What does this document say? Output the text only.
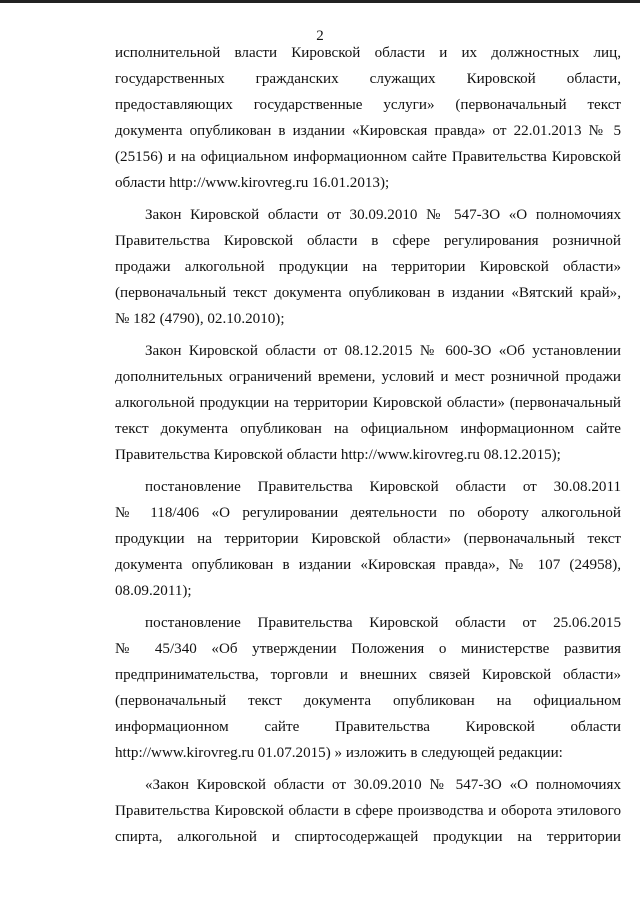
2
исполнительной власти Кировской области и их должностных лиц,
государственных гражданских служащих Кировской области,
предоставляющих государственные услуги» (первоначальный текст
документа опубликован в издании «Кировская правда» от 22.01.2013 № 5
(25156) и на официальном информационном сайте Правительства Кировской
области http://www.kirovreg.ru 16.01.2013);
Закон Кировской области от 30.09.2010 № 547-ЗО «О полномочиях
Правительства Кировской области в сфере регулирования розничной
продажи алкогольной продукции на территории Кировской области»
(первоначальный текст документа опубликован в издании «Вятский край»,
№ 182 (4790), 02.10.2010);
Закон Кировской области от 08.12.2015 № 600-ЗО «Об установлении
дополнительных ограничений времени, условий и мест розничной продажи
алкогольной продукции на территории Кировской области» (первоначальный
текст документа опубликован на официальном информационном сайте
Правительства Кировской области http://www.kirovreg.ru 08.12.2015);
постановление Правительства Кировской области от 30.08.2011
№ 118/406 «О регулировании деятельности по обороту алкогольной
продукции на территории Кировской области» (первоначальный текст
документа опубликован в издании «Кировская правда», № 107 (24958),
08.09.2011);
постановление Правительства Кировской области от 25.06.2015
№ 45/340 «Об утверждении Положения о министерстве развития
предпринимательства, торговли и внешних связей Кировской области»
(первоначальный текст документа опубликован на официальном
информационном сайте Правительства Кировской области
http://www.kirovreg.ru 01.07.2015) » изложить в следующей редакции:
«Закон Кировской области от 30.09.2010 № 547-ЗО «О полномочиях
Правительства Кировской области в сфере производства и оборота этилового
спирта, алкогольной и спиртосодержащей продукции на территории
